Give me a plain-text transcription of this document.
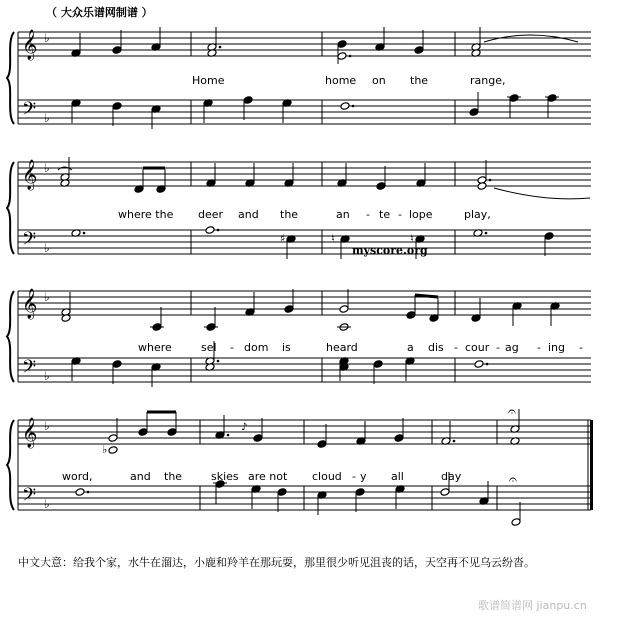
（ 大众乐谱网制谱 ）
𝄞
𝄢
♭
♭
𝄞
𝄢
♭
♭
𝄞
𝄢
♭
♭
𝄞
𝄢
♭
♭
♯	♮	♮
♭
♪
𝄐
𝄐
Home	home on the	range,
where the deer and the	an - te - lope	play,
where	sel - dom is	heard	a dis - cour - ag - ing -
word,	and the	skies are not cloud - y all	day
myscore.org
中文大意：给我个家，水牛在溜达，小鹿和羚羊在那玩耍，那里很少听见沮丧的话，天空再不见乌云纷沓。
歌谱简谱网 jianpu.cn
